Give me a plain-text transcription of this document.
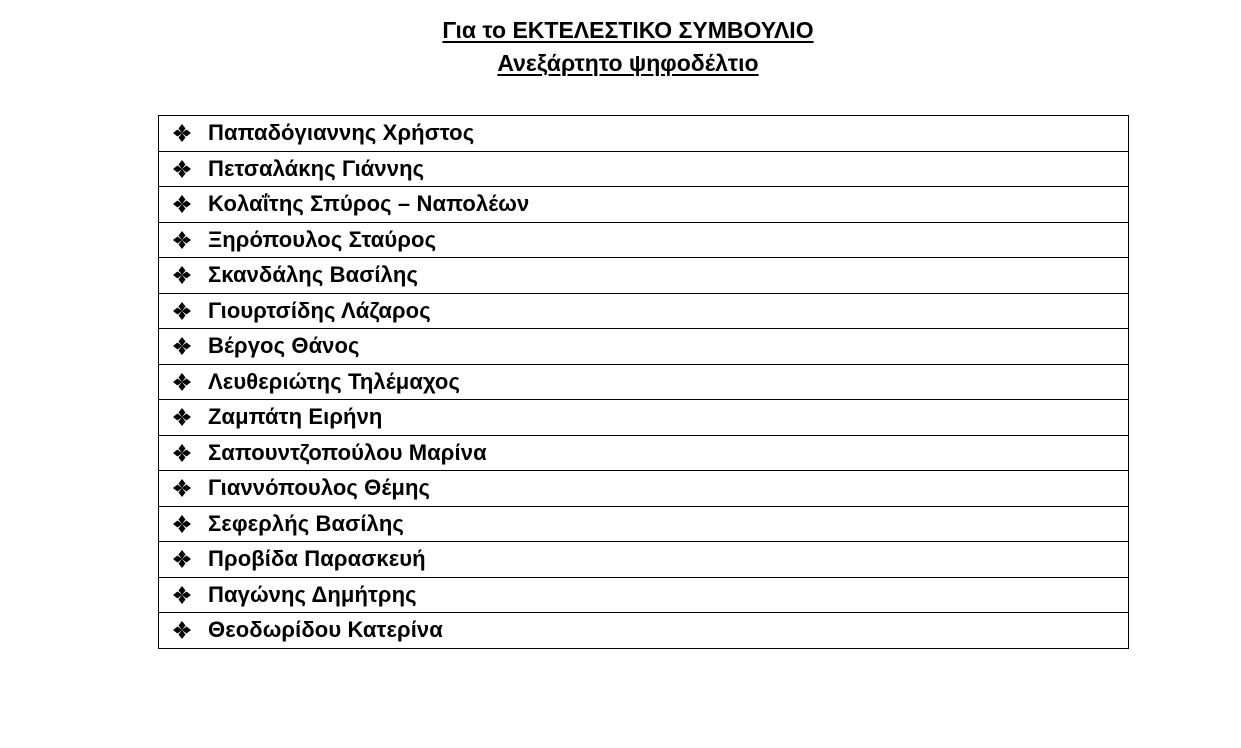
Για το ΕΚΤΕΛΕΣΤΙΚΟ ΣΥΜΒΟΥΛΙΟ
Ανεξάρτητο ψηφοδέλτιο
Παπαδόγιαννης Χρήστος

Πετσαλάκης Γιάννης

Κολαΐτης Σπύρος – Ναπολέων

Ξηρόπουλος Σταύρος

Σκανδάλης Βασίλης

Γιουρτσίδης Λάζαρος

Βέργος Θάνος

Λευθεριώτης Τηλέμαχος

Ζαμπάτη Ειρήνη

Σαπουντζοπούλου Μαρίνα

Γιαννόπουλος Θέμης

Σεφερλής Βασίλης

Προβίδα Παρασκευή

Παγώνης Δημήτρης

Θεοδωρίδου Κατερίνα
